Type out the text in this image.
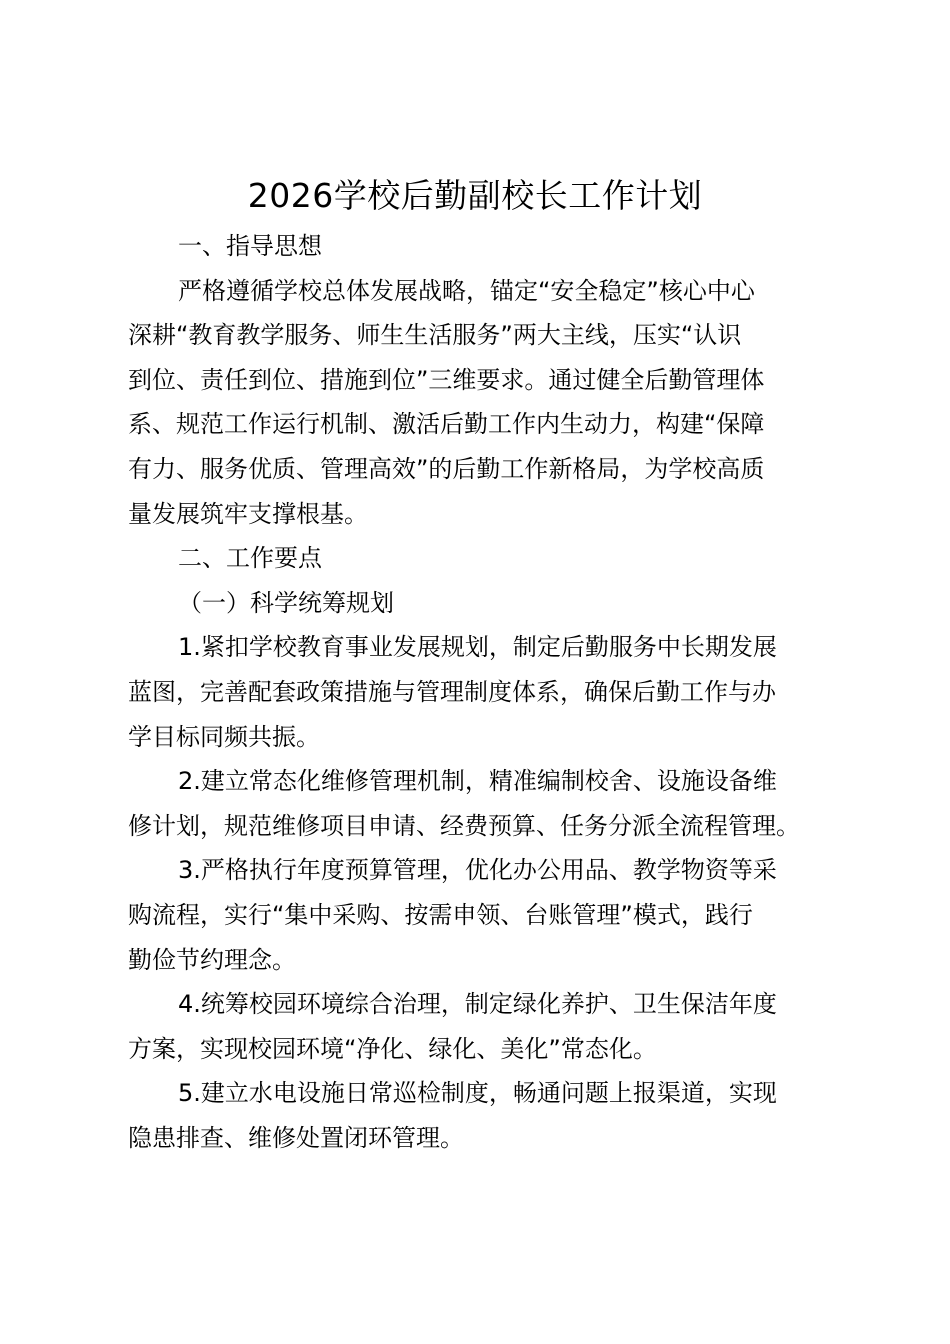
2026学校后勤副校长工作计划
一、指导思想
严格遵循学校总体发展战略，锚定“安全稳定”核心中心
深耕“教育教学服务、师生生活服务”两大主线，压实“认识
到位、责任到位、措施到位”三维要求。通过健全后勤管理体
系、规范工作运行机制、激活后勤工作内生动力，构建“保障
有力、服务优质、管理高效”的后勤工作新格局，为学校高质
量发展筑牢支撑根基。
二、工作要点
（一）科学统筹规划
1.紧扣学校教育事业发展规划，制定后勤服务中长期发展
蓝图，完善配套政策措施与管理制度体系，确保后勤工作与办
学目标同频共振。
2.建立常态化维修管理机制，精准编制校舍、设施设备维
修计划，规范维修项目申请、经费预算、任务分派全流程管理。
3.严格执行年度预算管理，优化办公用品、教学物资等采
购流程，实行“集中采购、按需申领、台账管理”模式，践行
勤俭节约理念。
4.统筹校园环境综合治理，制定绿化养护、卫生保洁年度
方案，实现校园环境“净化、绿化、美化”常态化。
5.建立水电设施日常巡检制度，畅通问题上报渠道，实现
隐患排查、维修处置闭环管理。
